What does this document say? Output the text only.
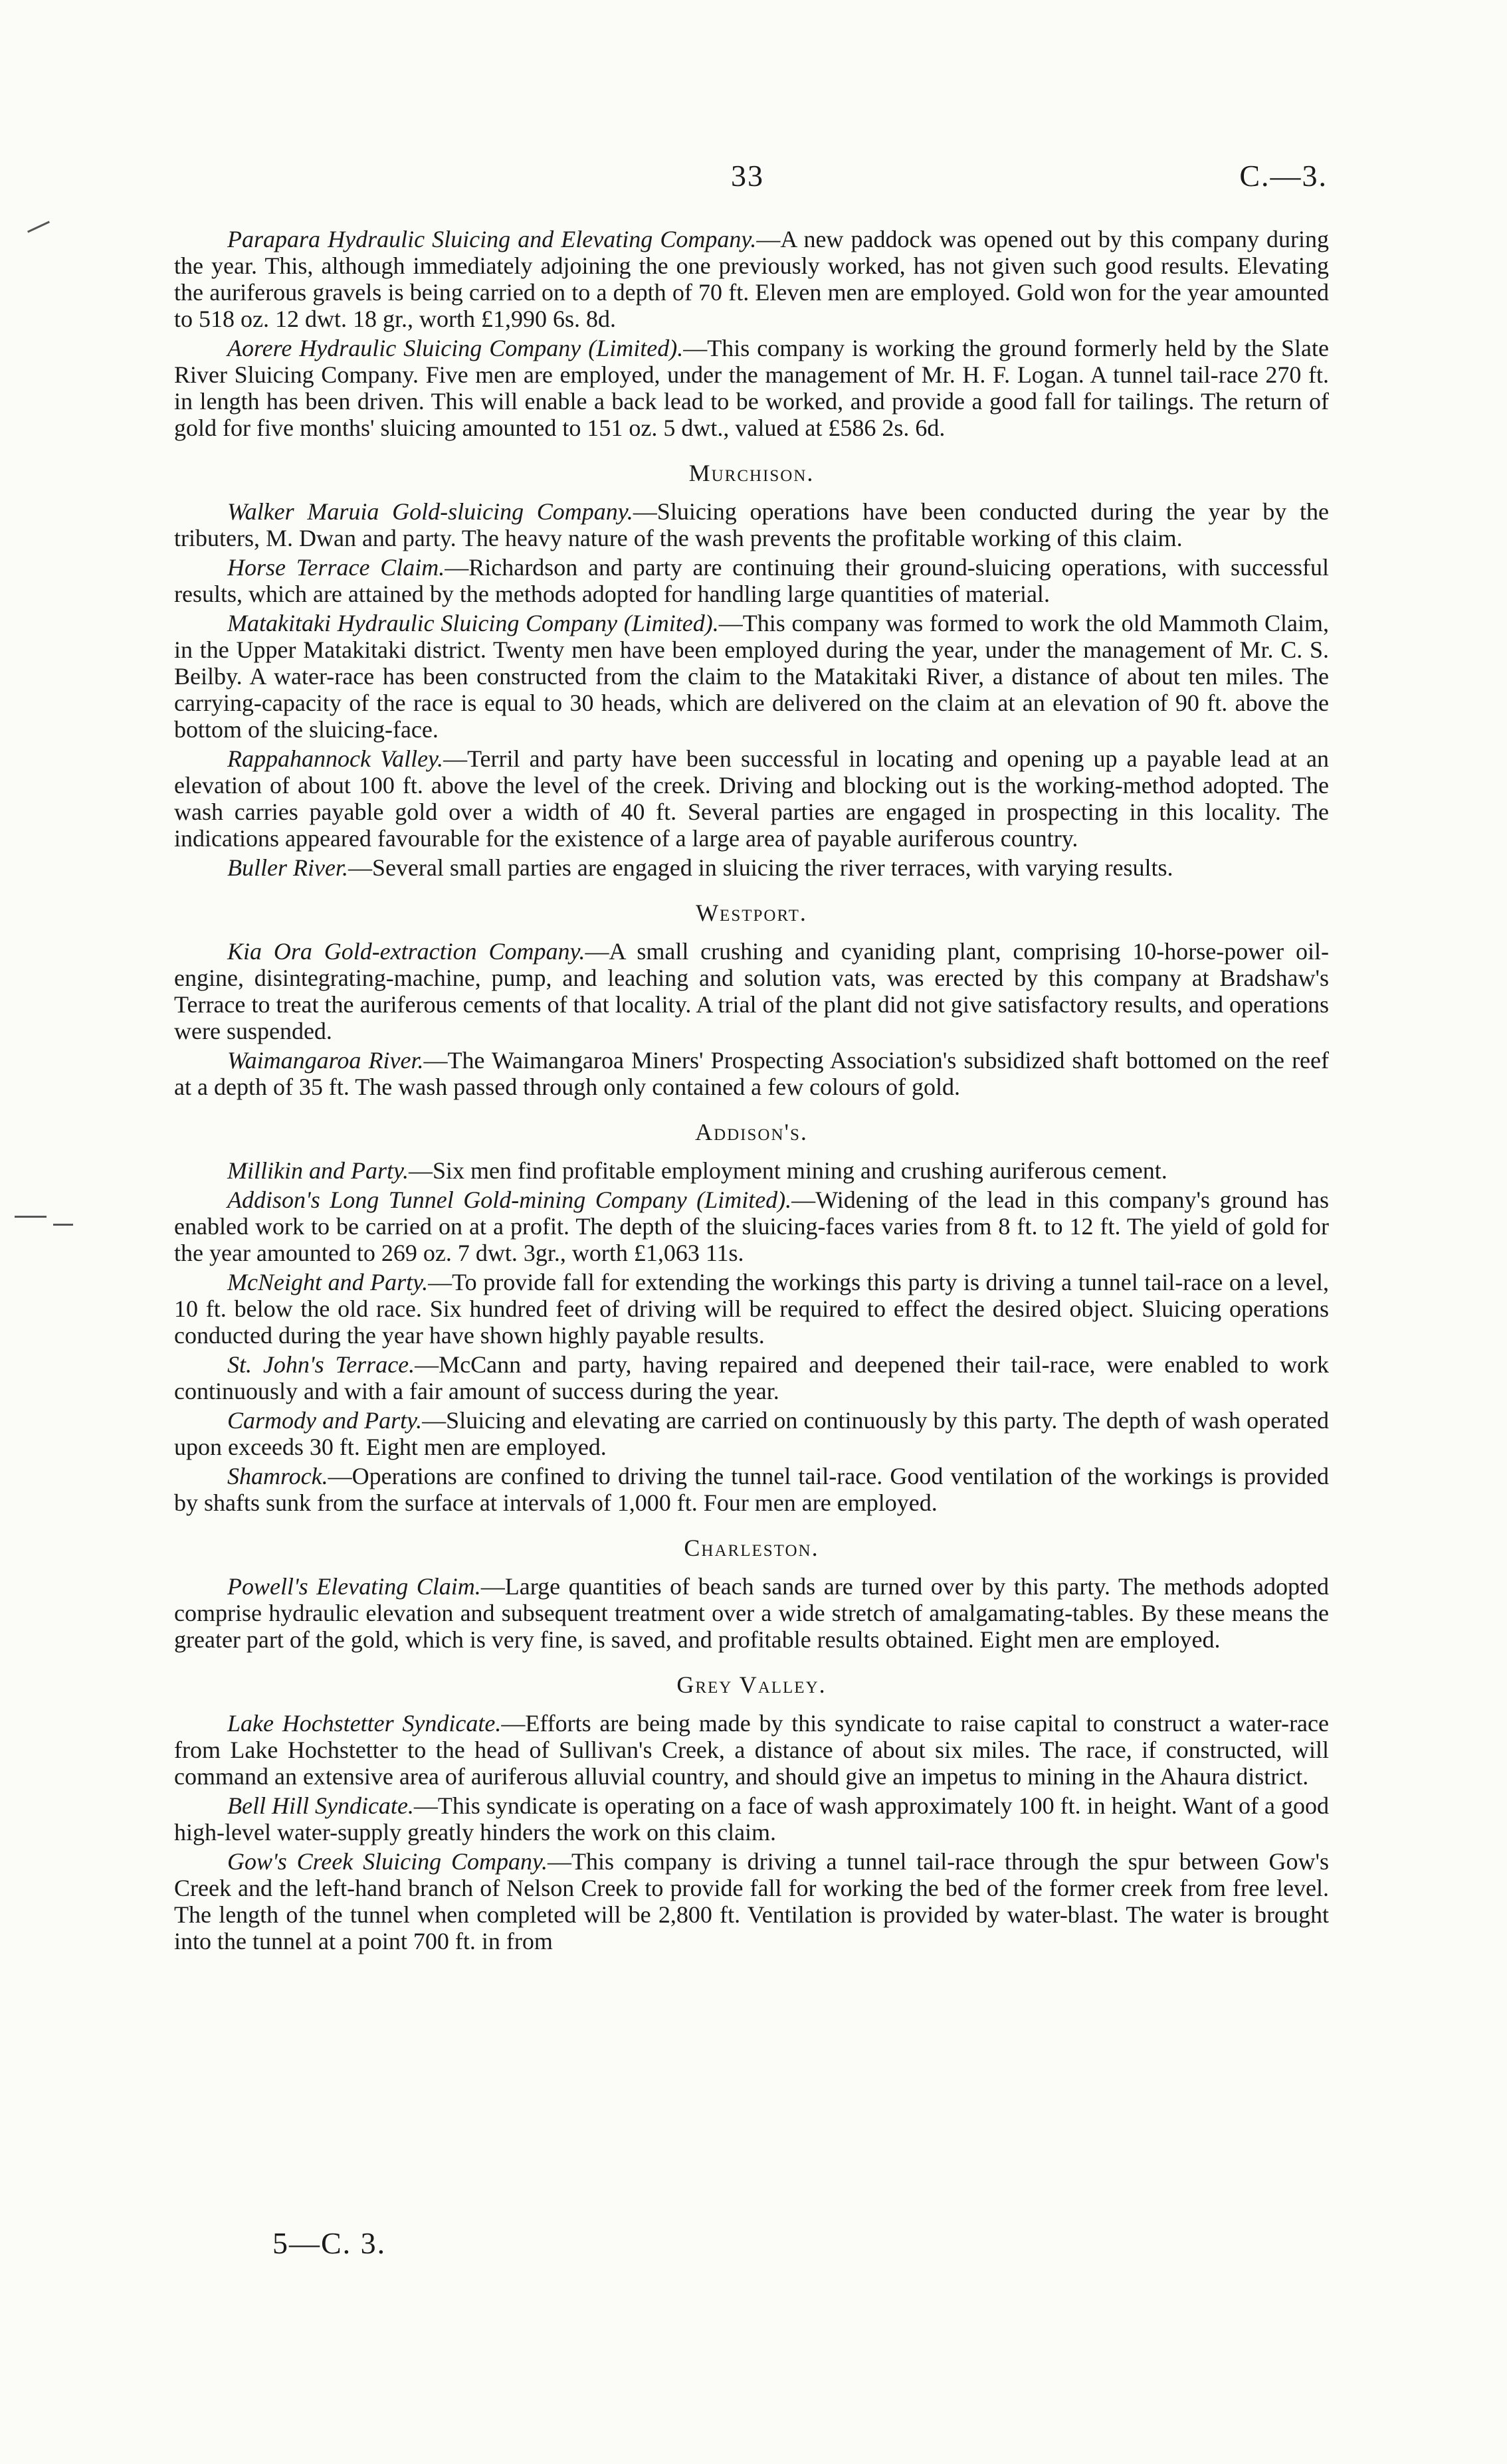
33	C.—3.

Parapara Hydraulic Sluicing and Elevating Company.—A new paddock was opened out by this company during the year. This, although immediately adjoining the one previously worked, has not given such good results. Elevating the auriferous gravels is being carried on to a depth of 70 ft. Eleven men are employed. Gold won for the year amounted to 518 oz. 12 dwt. 18 gr., worth £1,990 6s. 8d.

Aorere Hydraulic Sluicing Company (Limited).—This company is working the ground formerly held by the Slate River Sluicing Company. Five men are employed, under the management of Mr. H. F. Logan. A tunnel tail-race 270 ft. in length has been driven. This will enable a back lead to be worked, and provide a good fall for tailings. The return of gold for five months' sluicing amounted to 151 oz. 5 dwt., valued at £586 2s. 6d.

Murchison.

Walker Maruia Gold-sluicing Company.—Sluicing operations have been conducted during the year by the tributers, M. Dwan and party. The heavy nature of the wash prevents the profitable working of this claim.

Horse Terrace Claim.—Richardson and party are continuing their ground-sluicing operations, with successful results, which are attained by the methods adopted for handling large quantities of material.

Matakitaki Hydraulic Sluicing Company (Limited).—This company was formed to work the old Mammoth Claim, in the Upper Matakitaki district. Twenty men have been employed during the year, under the management of Mr. C. S. Beilby. A water-race has been constructed from the claim to the Matakitaki River, a distance of about ten miles. The carrying-capacity of the race is equal to 30 heads, which are delivered on the claim at an elevation of 90 ft. above the bottom of the sluicing-face.

Rappahannock Valley.—Terril and party have been successful in locating and opening up a payable lead at an elevation of about 100 ft. above the level of the creek. Driving and blocking out is the working-method adopted. The wash carries payable gold over a width of 40 ft. Several parties are engaged in prospecting in this locality. The indications appeared favourable for the existence of a large area of payable auriferous country.

Buller River.—Several small parties are engaged in sluicing the river terraces, with varying results.

Westport.

Kia Ora Gold-extraction Company.—A small crushing and cyaniding plant, comprising 10-horse-power oil-engine, disintegrating-machine, pump, and leaching and solution vats, was erected by this company at Bradshaw's Terrace to treat the auriferous cements of that locality. A trial of the plant did not give satisfactory results, and operations were suspended.

Waimangaroa River.—The Waimangaroa Miners' Prospecting Association's subsidized shaft bottomed on the reef at a depth of 35 ft. The wash passed through only contained a few colours of gold.

Addison's.

Millikin and Party.—Six men find profitable employment mining and crushing auriferous cement.

Addison's Long Tunnel Gold-mining Company (Limited).—Widening of the lead in this company's ground has enabled work to be carried on at a profit. The depth of the sluicing-faces varies from 8 ft. to 12 ft. The yield of gold for the year amounted to 269 oz. 7 dwt. 3gr., worth £1,063 11s.

McNeight and Party.—To provide fall for extending the workings this party is driving a tunnel tail-race on a level, 10 ft. below the old race. Six hundred feet of driving will be required to effect the desired object. Sluicing operations conducted during the year have shown highly payable results.

St. John's Terrace.—McCann and party, having repaired and deepened their tail-race, were enabled to work continuously and with a fair amount of success during the year.

Carmody and Party.—Sluicing and elevating are carried on continuously by this party. The depth of wash operated upon exceeds 30 ft. Eight men are employed.

Shamrock.—Operations are confined to driving the tunnel tail-race. Good ventilation of the workings is provided by shafts sunk from the surface at intervals of 1,000 ft. Four men are employed.

Charleston.

Powell's Elevating Claim.—Large quantities of beach sands are turned over by this party. The methods adopted comprise hydraulic elevation and subsequent treatment over a wide stretch of amalgamating-tables. By these means the greater part of the gold, which is very fine, is saved, and profitable results obtained. Eight men are employed.

Grey Valley.

Lake Hochstetter Syndicate.—Efforts are being made by this syndicate to raise capital to construct a water-race from Lake Hochstetter to the head of Sullivan's Creek, a distance of about six miles. The race, if constructed, will command an extensive area of auriferous alluvial country, and should give an impetus to mining in the Ahaura district.

Bell Hill Syndicate.—This syndicate is operating on a face of wash approximately 100 ft. in height. Want of a good high-level water-supply greatly hinders the work on this claim.

Gow's Creek Sluicing Company.—This company is driving a tunnel tail-race through the spur between Gow's Creek and the left-hand branch of Nelson Creek to provide fall for working the bed of the former creek from free level. The length of the tunnel when completed will be 2,800 ft. Ventilation is provided by water-blast. The water is brought into the tunnel at a point 700 ft. in from

5—C. 3.
